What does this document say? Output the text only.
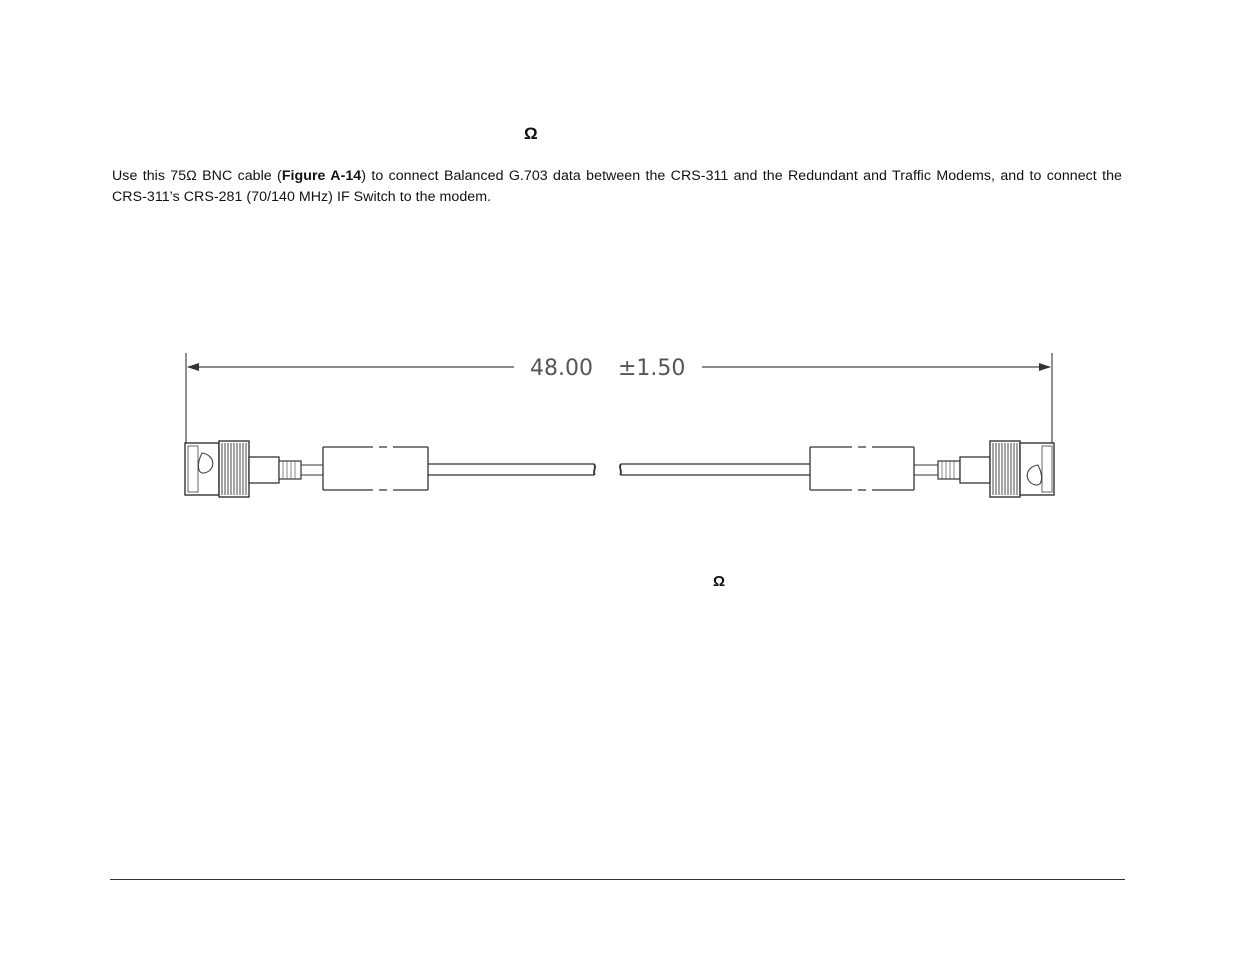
Ω

Use this 75Ω BNC cable (Figure A-14) to connect Balanced G.703 data between the CRS-311 and the Redundant and Traffic Modems, and to connect the CRS-311’s CRS-281 (70/140 MHz) IF Switch to the modem.

48.00 ±1.50

Ω
